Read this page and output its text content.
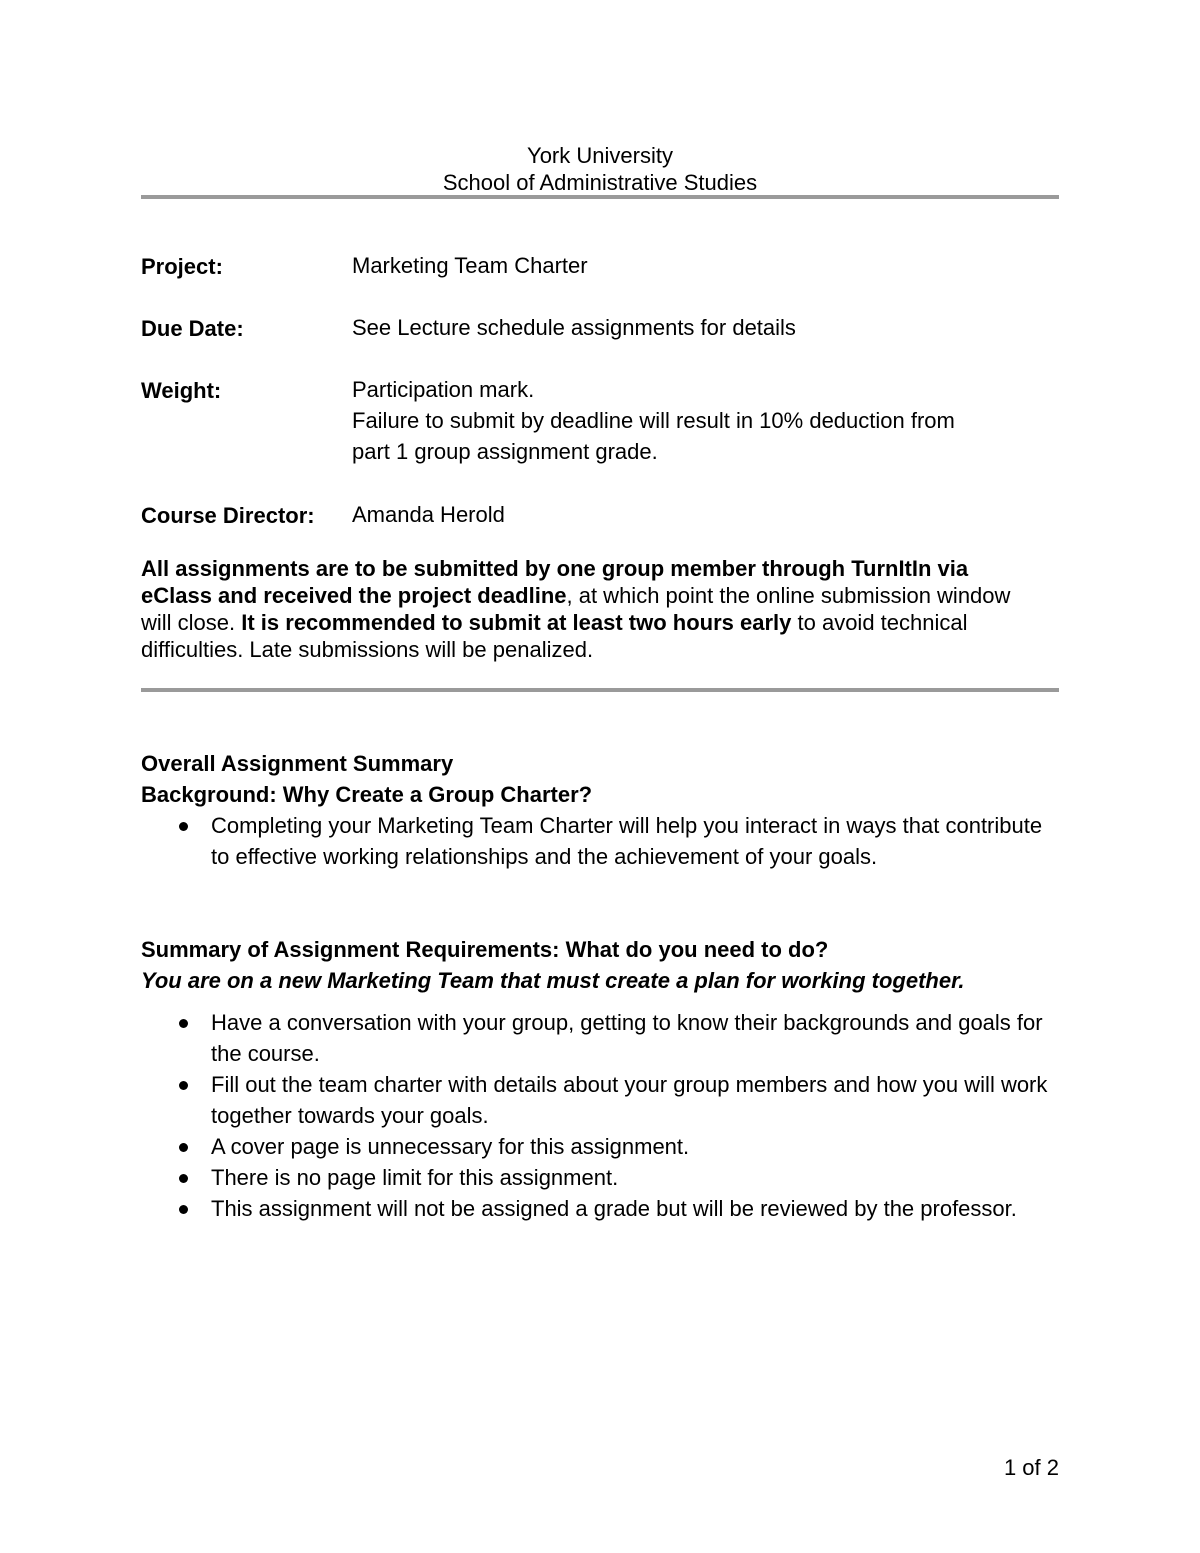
York University
School of Administrative Studies
Project:	Marketing Team Charter
Due Date:	See Lecture schedule assignments for details
Weight:	Participation mark.
Failure to submit by deadline will result in 10% deduction from
part 1 group assignment grade.
Course Director: Amanda Herold
All assignments are to be submitted by one group member through TurnItIn via eClass and received the project deadline, at which point the online submission window will close. It is recommended to submit at least two hours early to avoid technical difficulties. Late submissions will be penalized.
Overall Assignment Summary
Background: Why Create a Group Charter?
Completing your Marketing Team Charter will help you interact in ways that contribute to effective working relationships and the achievement of your goals.
Summary of Assignment Requirements: What do you need to do?
You are on a new Marketing Team that must create a plan for working together.
Have a conversation with your group, getting to know their backgrounds and goals for the course.
Fill out the team charter with details about your group members and how you will work together towards your goals.
A cover page is unnecessary for this assignment.
There is no page limit for this assignment.
This assignment will not be assigned a grade but will be reviewed by the professor.
1 of 2
